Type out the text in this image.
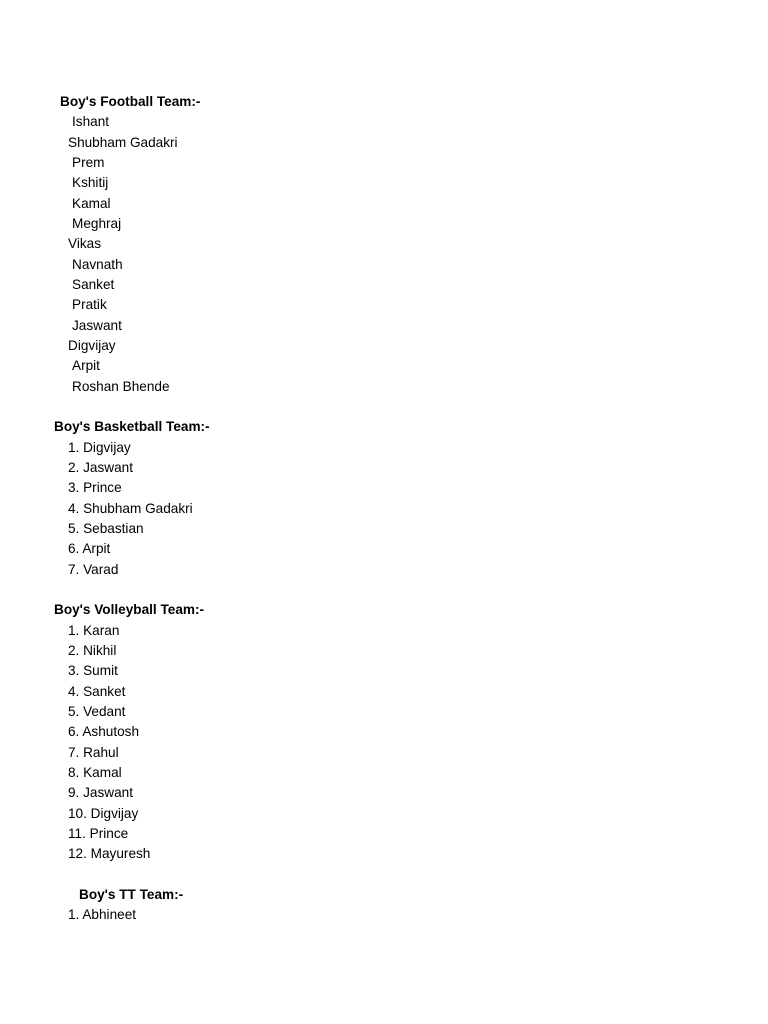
Boy's Football Team:-
Ishant
Shubham Gadakri
Prem
Kshitij
Kamal
Meghraj
Vikas
Navnath
Sanket
Pratik
Jaswant
Digvijay
Arpit
Roshan Bhende
Boy's Basketball Team:-
1. Digvijay
2. Jaswant
3. Prince
4. Shubham Gadakri
5. Sebastian
6. Arpit
7. Varad
Boy's Volleyball Team:-
1. Karan
2. Nikhil
3. Sumit
4. Sanket
5. Vedant
6. Ashutosh
7. Rahul
8. Kamal
9. Jaswant
10. Digvijay
11. Prince
12. Mayuresh
Boy's TT Team:-
1. Abhineet
